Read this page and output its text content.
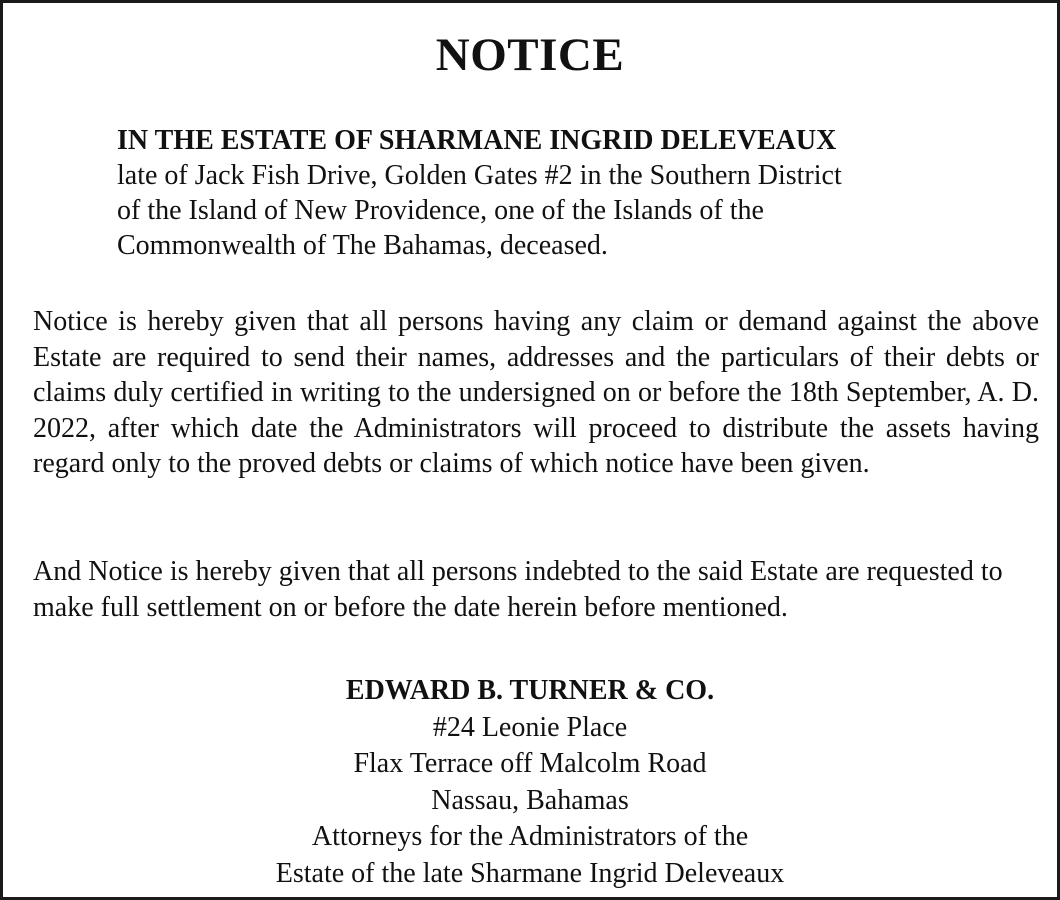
NOTICE
IN THE ESTATE OF SHARMANE INGRID DELEVEAUX
late of Jack Fish Drive, Golden Gates #2 in the Southern District
of the Island of New Providence, one of the Islands of the
Commonwealth of The Bahamas, deceased.
Notice is hereby given that all persons having any claim or demand against the above Estate are required to send their names, addresses and the particulars of their debts or claims duly certified in writing to the undersigned on or before the 18th September, A. D. 2022, after which date the Administrators will proceed to distribute the assets having regard only to the proved debts or claims of which notice have been given.
And Notice is hereby given that all persons indebted to the said Estate are requested to make full settlement on or before the date herein before mentioned.
EDWARD B. TURNER & CO.
#24 Leonie Place
Flax Terrace off Malcolm Road
Nassau, Bahamas
Attorneys for the Administrators of the
Estate of the late Sharmane Ingrid Deleveaux
